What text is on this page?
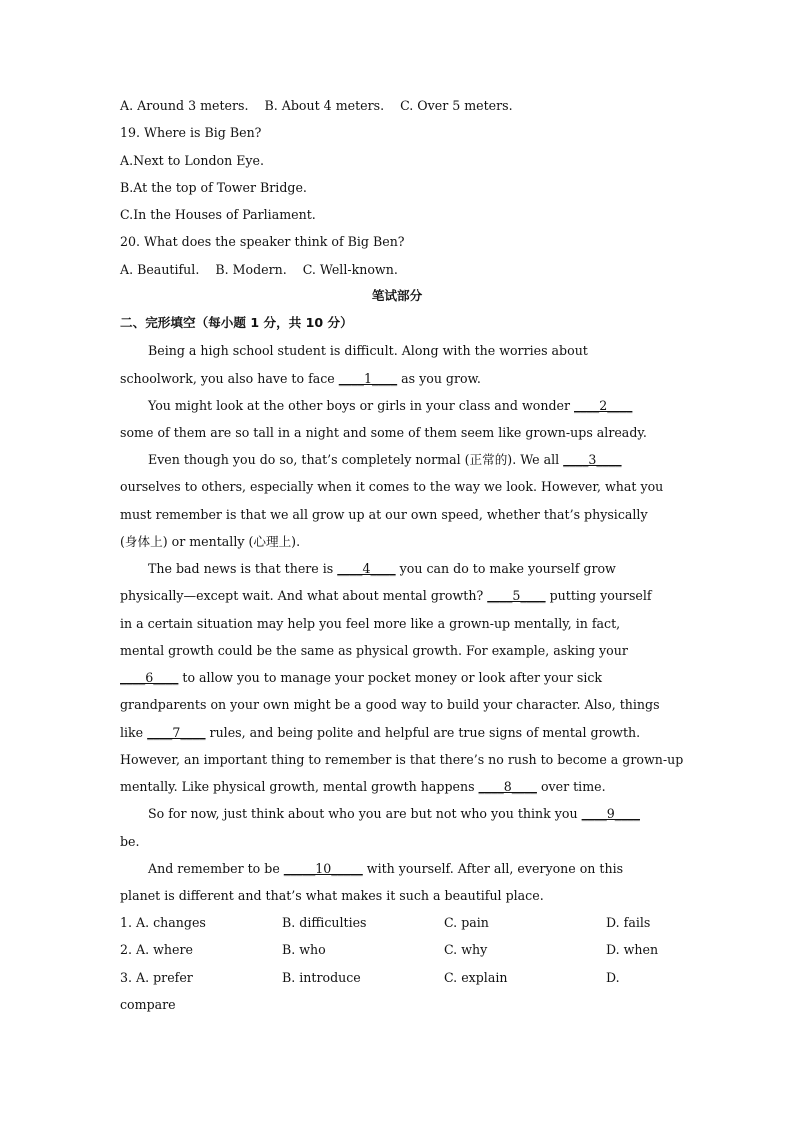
A. Around 3 meters.    B. About 4 meters.    C. Over 5 meters.
19. Where is Big Ben?
A.Next to London Eye.
B.At the top of Tower Bridge.
C.In the Houses of Parliament.
20. What does the speaker think of Big Ben?
A. Beautiful.    B. Modern.    C. Well-known.
笔试部分
二、完形填空（每小题 1 分，共 10 分）
Being a high school student is difficult. Along with the worries about
schoolwork, you also have to face ____1____ as you grow.
You might look at the other boys or girls in your class and wonder ____2____
some of them are so tall in a night and some of them seem like grown-ups already.
Even though you do so, that’s completely normal (正常的). We all ____3____
ourselves to others, especially when it comes to the way we look. However, what you
must remember is that we all grow up at our own speed, whether that’s physically
(身体上) or mentally (心理上).
The bad news is that there is ____4____ you can do to make yourself grow
physically—except wait. And what about mental growth? ____5____ putting yourself
in a certain situation may help you feel more like a grown-up mentally, in fact,
mental growth could be the same as physical growth. For example, asking your
____6____ to allow you to manage your pocket money or look after your sick
grandparents on your own might be a good way to build your character. Also, things
like ____7____ rules, and being polite and helpful are true signs of mental growth.
However, an important thing to remember is that there’s no rush to become a grown-up
mentally. Like physical growth, mental growth happens ____8____ over time.
So for now, just think about who you are but not who you think you ____9____
be.
And remember to be _____10_____ with yourself. After all, everyone on this
planet is different and that’s what makes it such a beautiful place.
1. A. changes	B. difficulties	C. pain	D. fails
2. A. where	B. who	C. why	D. when
3. A. prefer	B. introduce	C. explain	D.
compare
